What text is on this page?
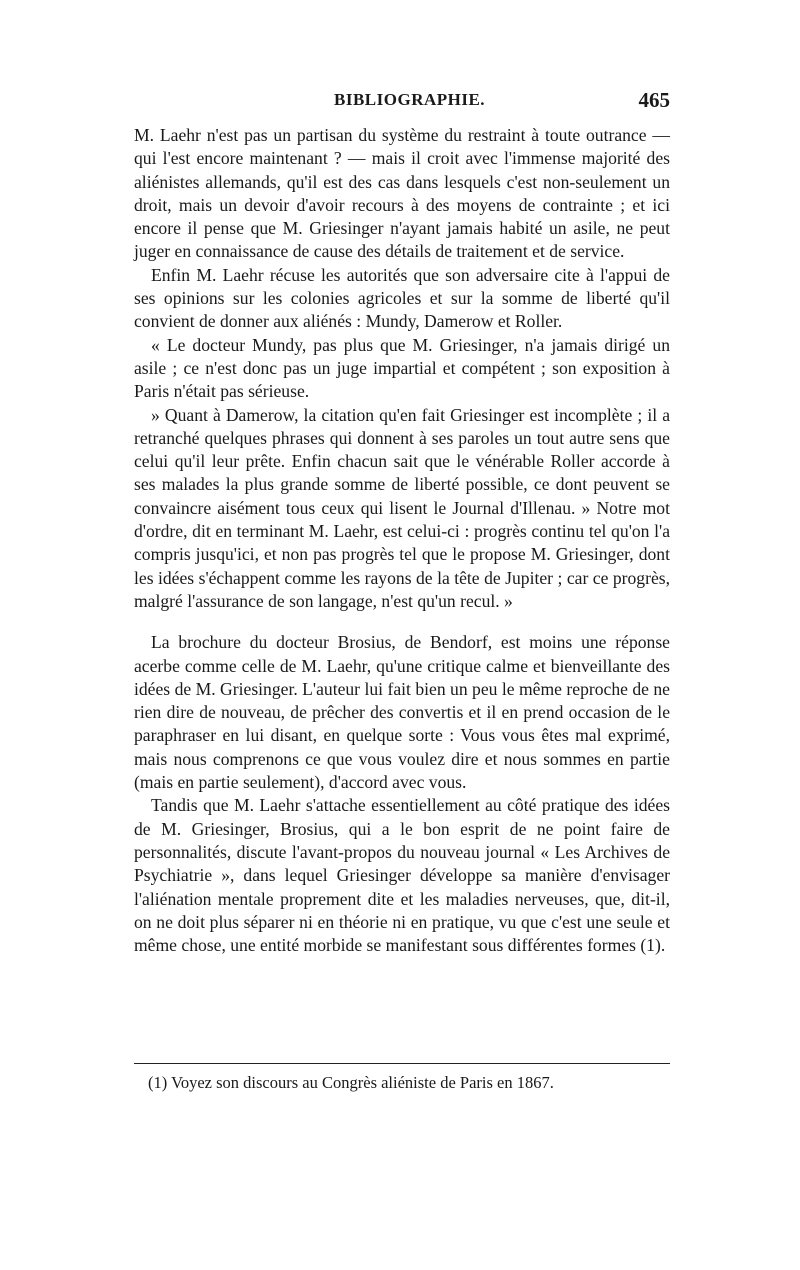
BIBLIOGRAPHIE.	465

M. Laehr n'est pas un partisan du système du restraint à toute outrance — qui l'est encore maintenant ? — mais il croit avec l'immense majorité des aliénistes allemands, qu'il est des cas dans lesquels c'est non-seulement un droit, mais un devoir d'avoir recours à des moyens de contrainte ; et ici encore il pense que M. Griesinger n'ayant jamais habité un asile, ne peut juger en connaissance de cause des détails de traitement et de service.

Enfin M. Laehr récuse les autorités que son adversaire cite à l'appui de ses opinions sur les colonies agricoles et sur la somme de liberté qu'il convient de donner aux aliénés : Mundy, Damerow et Roller.

« Le docteur Mundy, pas plus que M. Griesinger, n'a jamais dirigé un asile ; ce n'est donc pas un juge impartial et compétent ; son exposition à Paris n'était pas sérieuse.

» Quant à Damerow, la citation qu'en fait Griesinger est incomplète ; il a retranché quelques phrases qui donnent à ses paroles un tout autre sens que celui qu'il leur prête. Enfin chacun sait que le vénérable Roller accorde à ses malades la plus grande somme de liberté possible, ce dont peuvent se convaincre aisément tous ceux qui lisent le Journal d'Illenau. » Notre mot d'ordre, dit en terminant M. Laehr, est celui-ci : progrès continu tel qu'on l'a compris jusqu'ici, et non pas progrès tel que le propose M. Griesinger, dont les idées s'échappent comme les rayons de la tête de Jupiter ; car ce progrès, malgré l'assurance de son langage, n'est qu'un recul. »

La brochure du docteur Brosius, de Bendorf, est moins une réponse acerbe comme celle de M. Laehr, qu'une critique calme et bienveillante des idées de M. Griesinger. L'auteur lui fait bien un peu le même reproche de ne rien dire de nouveau, de prêcher des convertis et il en prend occasion de le paraphraser en lui disant, en quelque sorte : Vous vous êtes mal exprimé, mais nous comprenons ce que vous voulez dire et nous sommes en partie (mais en partie seulement), d'accord avec vous.

Tandis que M. Laehr s'attache essentiellement au côté pratique des idées de M. Griesinger, Brosius, qui a le bon esprit de ne point faire de personnalités, discute l'avant-propos du nouveau journal « Les Archives de Psychiatrie », dans lequel Griesinger développe sa manière d'envisager l'aliénation mentale proprement dite et les maladies nerveuses, que, dit-il, on ne doit plus séparer ni en théorie ni en pratique, vu que c'est une seule et même chose, une entité morbide se manifestant sous différentes formes (1).

(1) Voyez son discours au Congrès aliéniste de Paris en 1867.
